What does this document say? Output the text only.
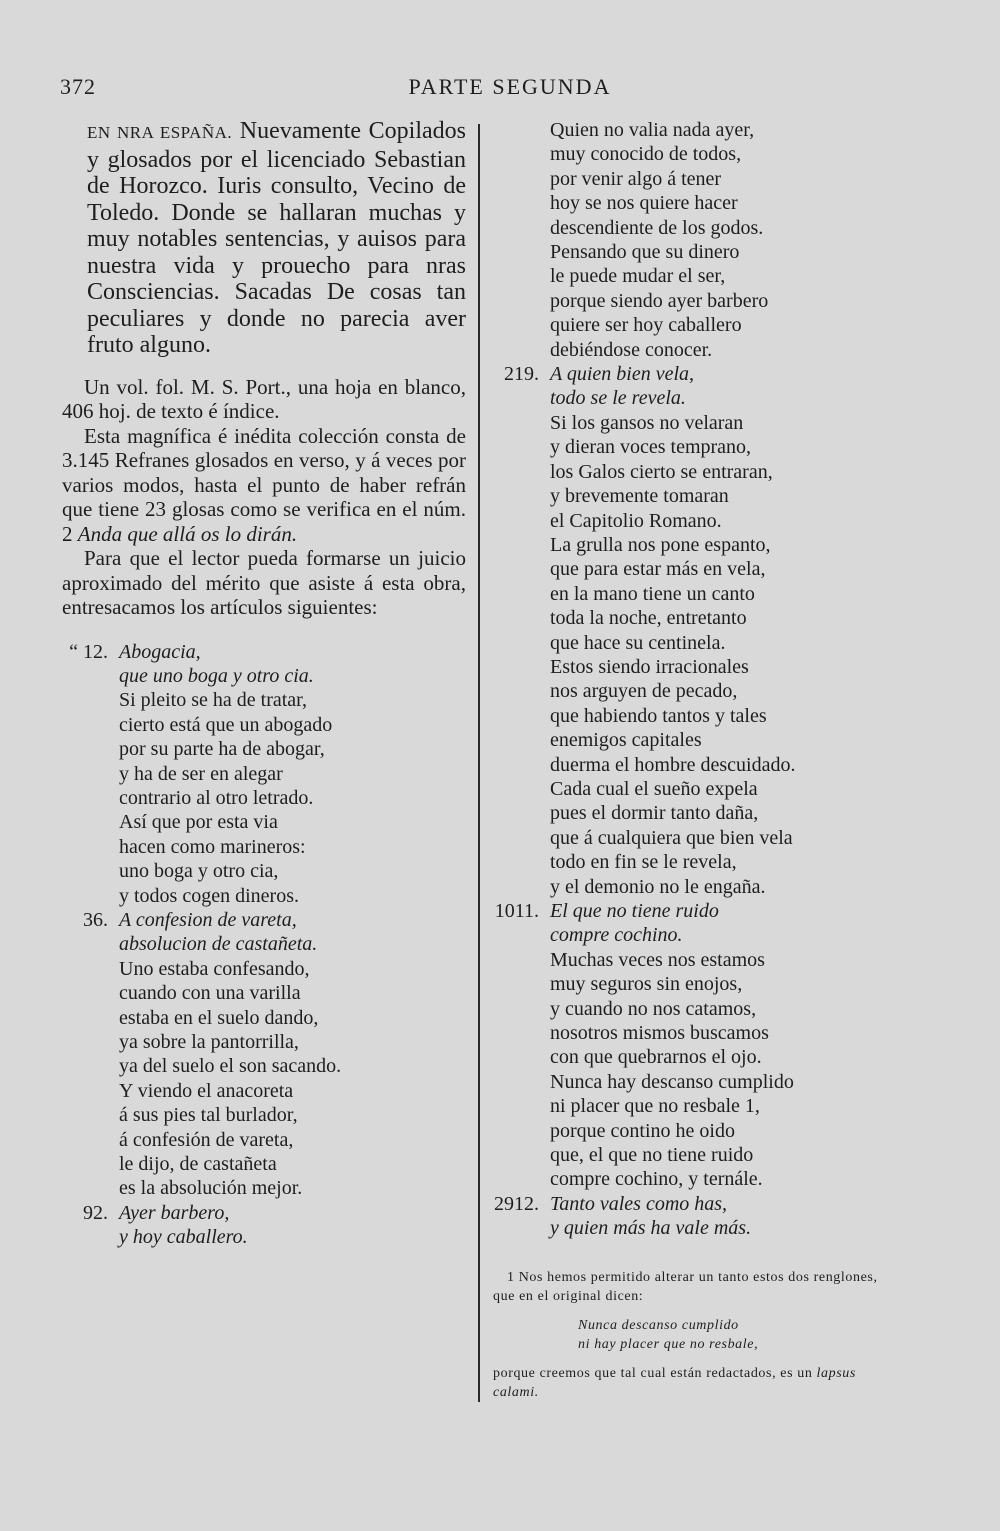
372	PARTE SEGUNDA
EN NRA ESPAÑA. Nuevamente Copilados y glosados por el licenciado Sebastian de Horozco. Iuris consulto, Vecino de Toledo. Donde se hallaran muchas y muy notables sentencias, y auisos para nuestra vida y prouecho para nras Consciencias. Sacadas De cosas tan peculiares y donde no parecia aver fruto alguno.

Un vol. fol. M. S. Port., una hoja en blanco, 406 hoj. de texto é índice.

Esta magnífica é inédita colección consta de 3.145 Refranes glosados en verso, y á veces por varios modos, hasta el punto de haber refrán que tiene 23 glosas como se verifica en el núm. 2 Anda que allá os lo dirán.

Para que el lector pueda formarse un juicio aproximado del mérito que asiste á esta obra, entresacamos los artículos siguientes:

“ 12. Abogacia,
que uno boga y otro cia.
Si pleito se ha de tratar,
cierto está que un abogado
por su parte ha de abogar,
y ha de ser en alegar
contrario al otro letrado.
Así que por esta via
hacen como marineros:
uno boga y otro cia,
y todos cogen dineros.
36. A confesion de vareta,
absolucion de castañeta.
Uno estaba confesando,
cuando con una varilla
estaba en el suelo dando,
ya sobre la pantorrilla,
ya del suelo el son sacando.
Y viendo el anacoreta
á sus pies tal burlador,
á confesión de vareta,
le dijo, de castañeta
es la absolución mejor.
92. Ayer barbero,
y hoy caballero.
Quien no valia nada ayer,
muy conocido de todos,
por venir algo á tener
hoy se nos quiere hacer
descendiente de los godos.
Pensando que su dinero
le puede mudar el ser,
porque siendo ayer barbero
quiere ser hoy caballero
debiéndose conocer.
219. A quien bien vela,
todo se le revela.
Si los gansos no velaran
y dieran voces temprano,
los Galos cierto se entraran,
y brevemente tomaran
el Capitolio Romano.
La grulla nos pone espanto,
que para estar más en vela,
en la mano tiene un canto
toda la noche, entretanto
que hace su centinela.
Estos siendo irracionales
nos arguyen de pecado,
que habiendo tantos y tales
enemigos capitales
duerma el hombre descuidado.
Cada cual el sueño expela
pues el dormir tanto daña,
que á cualquiera que bien vela
todo en fin se le revela,
y el demonio no le engaña.
1011. El que no tiene ruido
compre cochino.
Muchas veces nos estamos
muy seguros sin enojos,
y cuando no nos catamos,
nosotros mismos buscamos
con que quebrarnos el ojo.
Nunca hay descanso cumplido
ni placer que no resbale 1,
porque contino he oido
que, el que no tiene ruido
compre cochino, y ternále.
2912. Tanto vales como has,
y quien más ha vale más.
1 Nos hemos permitido alterar un tanto estos dos renglones, que en el original dicen:
Nunca descanso cumplido
ni hay placer que no resbale,
porque creemos que tal cual están redactados, es un lapsus calami.
